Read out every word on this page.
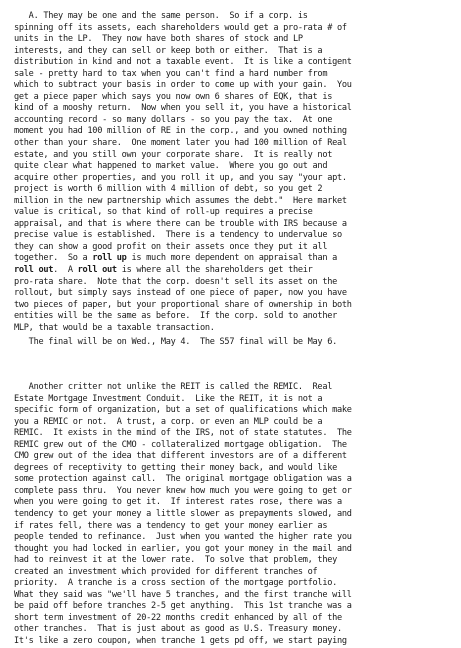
A. They may be one and the same person.  So if a corp. is
spinning off its assets, each shareholders would get a pro-rata # of
units in the LP.  They now have both shares of stock and LP
interests, and they can sell or keep both or either.  That is a
distribution in kind and not a taxable event.  It is like a contigent
sale - pretty hard to tax when you can't find a hard number from
which to subtract your basis in order to come up with your gain.  You
get a piece paper which says you now own 6 shares of EQK, that is
kind of a mooshy return.  Now when you sell it, you have a historical
accounting record - so many dollars - so you pay the tax.  At one
moment you had 100 million of RE in the corp., and you owned nothing
other than your share.  One moment later you had 100 million of Real
estate, and you still own your corporate share.  It is really not
quite clear what happened to market value.  Where you go out and
acquire other properties, and you roll it up, and you say "your apt.
project is worth 6 million with 4 million of debt, so you get 2
million in the new partnership which assumes the debt."  Here market
value is critical, so that kind of roll-up requires a precise
appraisal, and that is where there can be trouble with IRS because a
precise value is established.  There is a tendency to undervalue so
they can show a good profit on their assets once they put it all
together.  So a roll up is much more dependent on appraisal than a
roll out.  A roll out is where all the shareholders get their
pro-rata share.  Note that the corp. doesn't sell its asset on the
rollout, but simply says instead of one piece of paper, now you have
two pieces of paper, but your proportional share of ownership in both
entities will be the same as before.  If the corp. sold to another
MLP, that would be a taxable transaction.
The final will be on Wed., May 4.  The S57 final will be May 6.
Another critter not unlike the REIT is called the REMIC.  Real
Estate Mortgage Investment Conduit.  Like the REIT, it is not a
specific form of organization, but a set of qualifications which make
you a REMIC or not.  A trust, a corp. or even an MLP could be a
REMIC.  It exists in the mind of the IRS, not of state statutes.  The
REMIC grew out of the CMO - collateralized mortgage obligation.  The
CMO grew out of the idea that different investors are of a different
degrees of receptivity to getting their money back, and would like
some protection against call.  The original mortgage obligation was a
complete pass thru.  You never knew how much you were going to get or
when you were going to get it.  If interest rates rose, there was a
tendency to get your money a little slower as prepayments slowed, and
if rates fell, there was a tendency to get your money earlier as
people tended to refinance.  Just when you wanted the higher rate you
thought you had locked in earlier, you got your money in the mail and
had to reinvest it at the lower rate.  To solve that problem, they
created an investment which provided for different tranches of
priority.  A tranche is a cross section of the mortgage portfolio.
What they said was "we'll have 5 tranches, and the first tranche will
be paid off before tranches 2-5 get anything.  This 1st tranche was a
short term investment of 20-22 months credit enhanced by all of the
other tranches.  That is just about as good as U.S. Treasury money.
It's like a zero coupon, when tranche 1 gets pd off, we start paying
